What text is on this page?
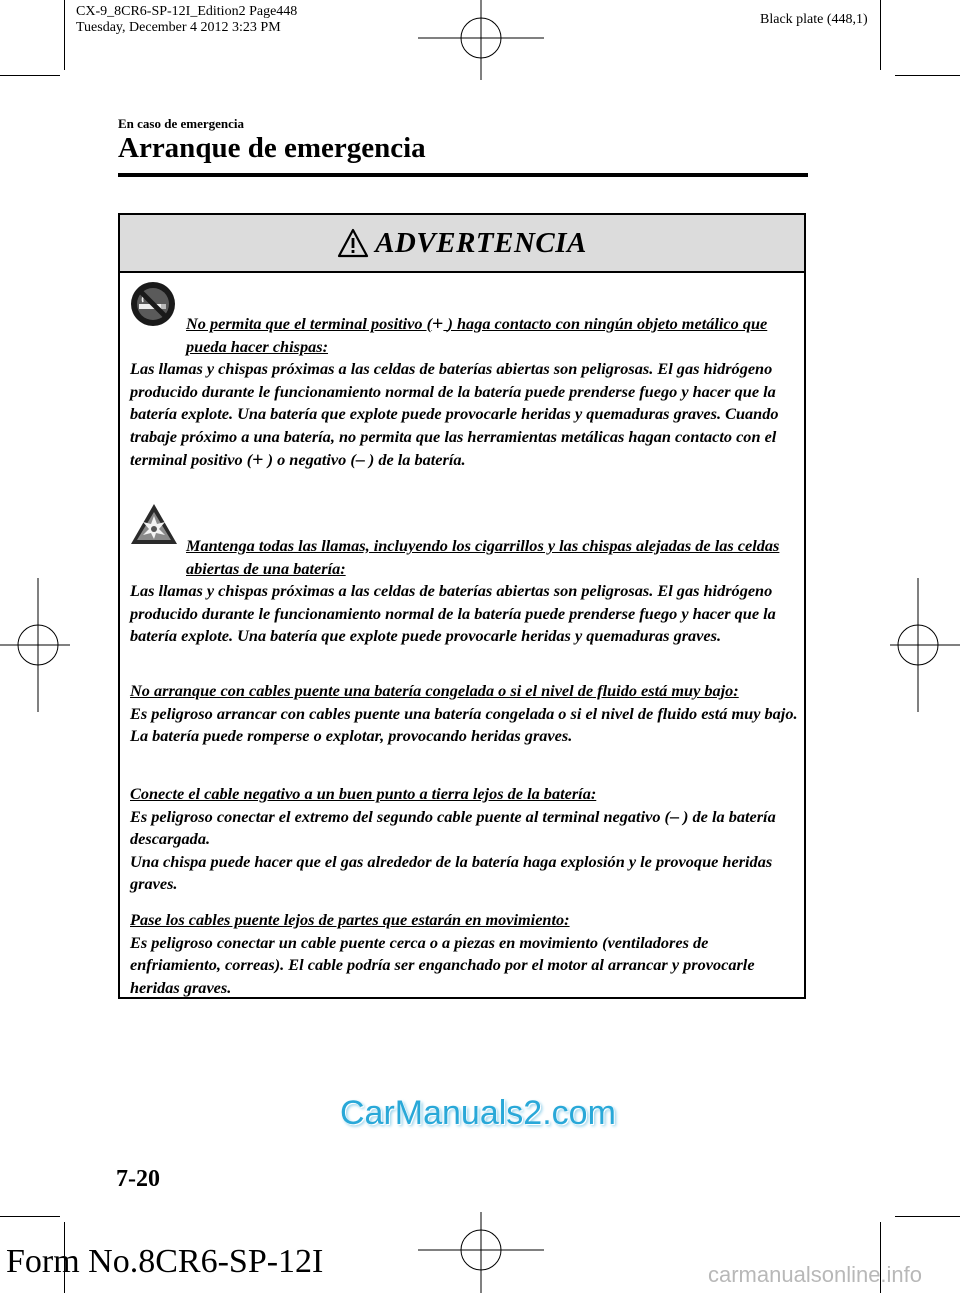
CX-9_8CR6-SP-12I_Edition2 Page448
Tuesday, December 4 2012 3:23 PM
Black plate (448,1)
En caso de emergencia
Arranque de emergencia
ADVERTENCIA

No permita que el terminal positivo (+ ) haga contacto con ningún objeto metálico que pueda hacer chispas:

Las llamas y chispas próximas a las celdas de baterías abiertas son peligrosas. El gas hidrógeno producido durante le funcionamiento normal de la batería puede prenderse fuego y hacer que la batería explote. Una batería que explote puede provocarle heridas y quemaduras graves. Cuando trabaje próximo a una batería, no permita que las herramientas metálicas hagan contacto con el terminal positivo (+ ) o negativo (– ) de la batería.

Mantenga todas las llamas, incluyendo los cigarrillos y las chispas alejadas de las celdas abiertas de una batería:

Las llamas y chispas próximas a las celdas de baterías abiertas son peligrosas. El gas hidrógeno producido durante le funcionamiento normal de la batería puede prenderse fuego y hacer que la batería explote. Una batería que explote puede provocarle heridas y quemaduras graves.

No arranque con cables puente una batería congelada o si el nivel de fluido está muy bajo:

Es peligroso arrancar con cables puente una batería congelada o si el nivel de fluido está muy bajo. La batería puede romperse o explotar, provocando heridas graves.

Conecte el cable negativo a un buen punto a tierra lejos de la batería:

Es peligroso conectar el extremo del segundo cable puente al terminal negativo (– ) de la batería descargada.

Una chispa puede hacer que el gas alrededor de la batería haga explosión y le provoque heridas graves.

Pase los cables puente lejos de partes que estarán en movimiento:

Es peligroso conectar un cable puente cerca o a piezas en movimiento (ventiladores de enfriamiento, correas). El cable podría ser enganchado por el motor al arrancar y provocarle heridas graves.

7-20
CarManuals2.com
Form No.8CR6-SP-12I	carmanualsonline.info
